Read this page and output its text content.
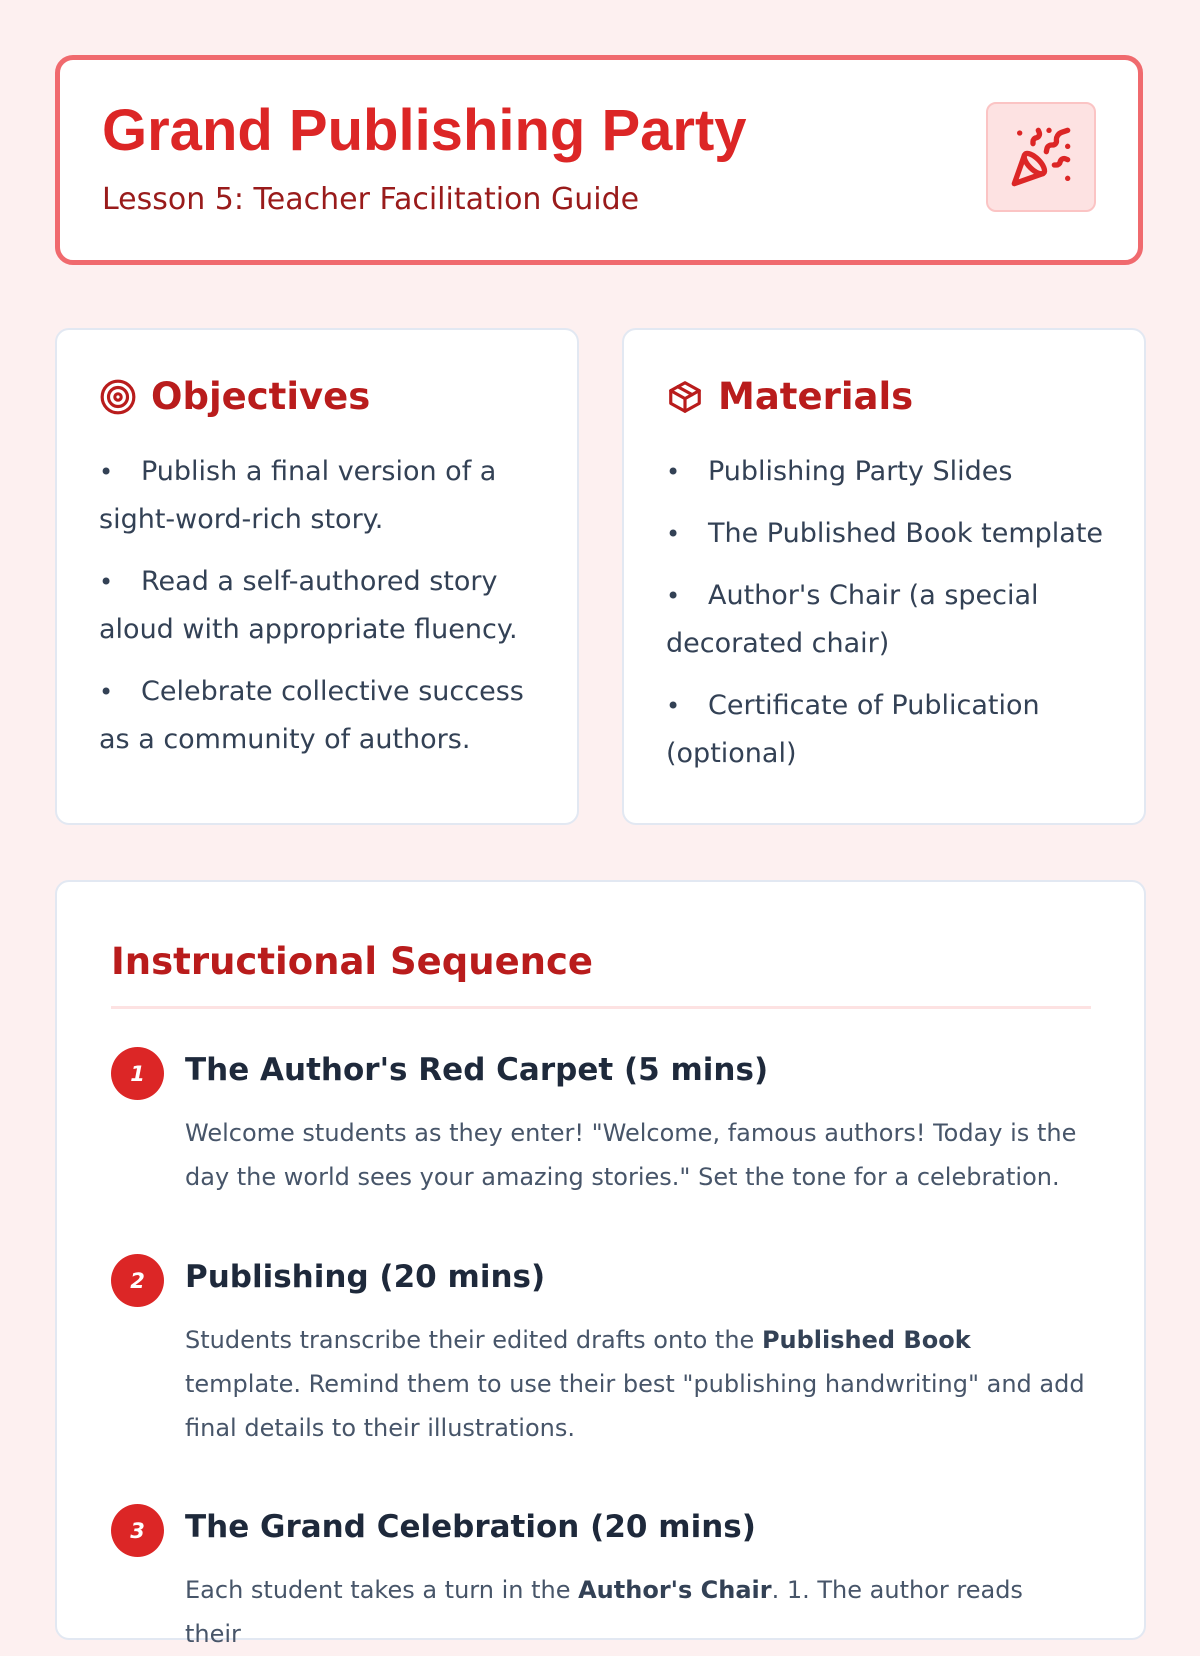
Grand Publishing Party
Lesson 5: Teacher Facilitation Guide
Objectives
• Publish a final version of a sight-word-rich story.
• Read a self-authored story aloud with appropriate fluency.
• Celebrate collective success as a community of authors.
Materials
• Publishing Party Slides
• The Published Book template
• Author's Chair (a special decorated chair)
• Certificate of Publication (optional)
Instructional Sequence
1	The Author's Red Carpet (5 mins)
Welcome students as they enter! "Welcome, famous authors! Today is the day the world sees your amazing stories." Set the tone for a celebration.
2	Publishing (20 mins)
Students transcribe their edited drafts onto the Published Book template. Remind them to use their best "publishing handwriting" and add final details to their illustrations.
3	The Grand Celebration (20 mins)
Each student takes a turn in the Author's Chair. 1. The author reads their
